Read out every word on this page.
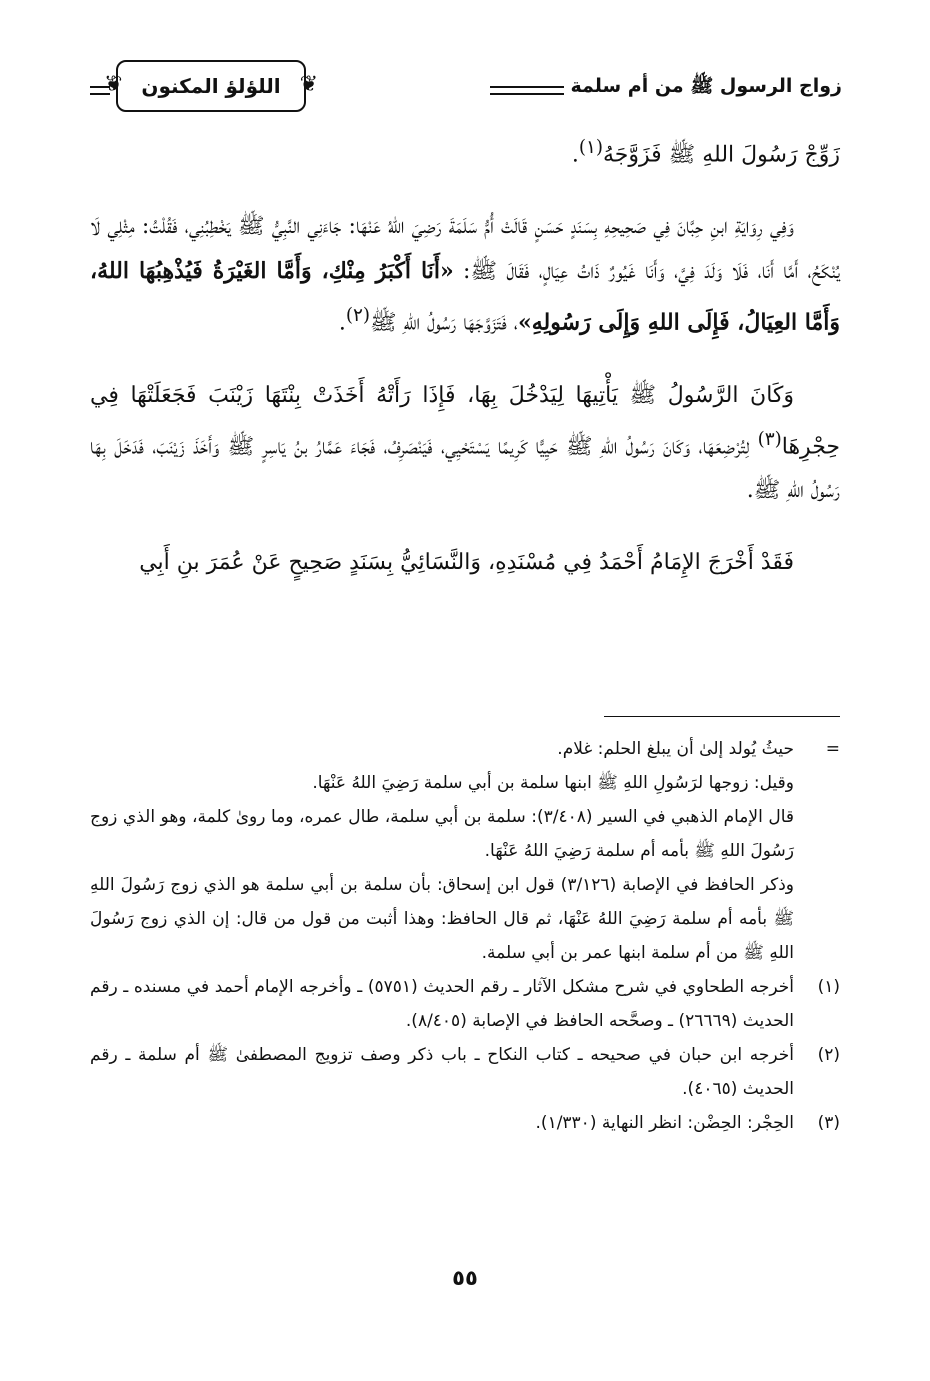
زواج الرسول ﷺ من أم سلمة
❦ اللؤلؤ المكنون
❦

زَوِّجْ رَسُولَ اللهِ ﷺ فَزَوَّجَهُ$^{(١)}$.

وَفِي رِوَايَةِ ابنِ حِبَّانَ فِي صَحِيحِهِ بِسَنَدٍ حَسَنٍ قَالَتْ أُمُّ سَلَمَةَ رَضِيَ اللهُ عَنْهَا: جَاءَنِي النَّبِيُّ ﷺ يَخْطِبُنِي، فَقُلْتُ: مِثْلِي لَا يُنْكَحُ، أَمَّا أَنَا، فَلَا وَلَدَ فِيَّ، وَأَنَا غَيُورٌ ذَاتُ عِيَالٍ، فَقَالَ ﷺ: «أَنَا أَكْبَرُ مِنْكِ، وَأَمَّا الغَيْرَةُ فَيُذْهِبُهَا اللهُ، وَأَمَّا العِيَالُ، فَإِلَى اللهِ وَإِلَى رَسُولِهِ»، فَتَزَوَّجَهَا رَسُولُ اللهِ ﷺ$^{(٢)}$.

وَكَانَ الرَّسُولُ ﷺ يَأْتِيهَا لِيَدْخُلَ بِهَا، فَإِذَا رَأَتْهُ أَخَذَتْ بِنْتَهَا زَيْنَبَ فَجَعَلَتْهَا فِي حِجْرِهَا$^{(٣)}$ لِتُرْضِعَهَا، وَكَانَ رَسُولُ اللهِ ﷺ حَيِيًّا كَرِيمًا يَسْتَحْيِي، فَيَنْصَرِفُ، فَجَاءَ عَمَّارُ بنُ يَاسِرٍ ﷺ وَأَخَذَ زَيْنَبَ، فَدَخَلَ بِهَا رَسُولُ اللهِ ﷺ.

فَقَدْ أَخْرَجَ الإِمَامُ أَحْمَدُ فِي مُسْنَدِهِ، وَالنَّسَائِيُّ بِسَنَدٍ صَحِيحٍ عَنْ عُمَرَ بنِ أَبِي

=

حيثُ يُولد إلىٰ أن يبلغ الحلم: غلام.

وقيل: زوجها لرَسُولِ اللهِ ﷺ ابنها سلمة بن أبي سلمة رَضِيَ اللهُ عَنْهَا.

قال الإمام الذهبي في السير (٣/٤٠٨): سلمة بن أبي سلمة، طال عمره، وما روىٰ كلمة، وهو الذي زوج رَسُولَ اللهِ ﷺ بأمه أم سلمة رَضِيَ اللهُ عَنْهَا.

وذكر الحافظ في الإصابة (٣/١٢٦) قول ابن إسحاق: بأن سلمة بن أبي سلمة هو الذي زوج رَسُولَ اللهِ ﷺ بأمه أم سلمة رَضِيَ اللهُ عَنْهَا، ثم قال الحافظ: وهذا أثبت من قول من قال: إن الذي زوج رَسُولَ اللهِ ﷺ من أم سلمة ابنها عمر بن أبي سلمة.

(١)

أخرجه الطحاوي في شرح مشكل الآثار ـ رقم الحديث (٥٧٥١) ـ وأخرجه الإمام أحمد في مسنده ـ رقم الحديث (٢٦٦٦٩) ـ وصحَّحه الحافظ في الإصابة (٨/٤٠٥).

(٢)

أخرجه ابن حبان في صحيحه ـ كتاب النكاح ـ باب ذكر وصف تزويج المصطفىٰ ﷺ أم سلمة ـ رقم الحديث (٤٠٦٥).

(٣)

الحِجْر: الحِضْن: انظر النهاية (١/٣٣٠).

٥٥
